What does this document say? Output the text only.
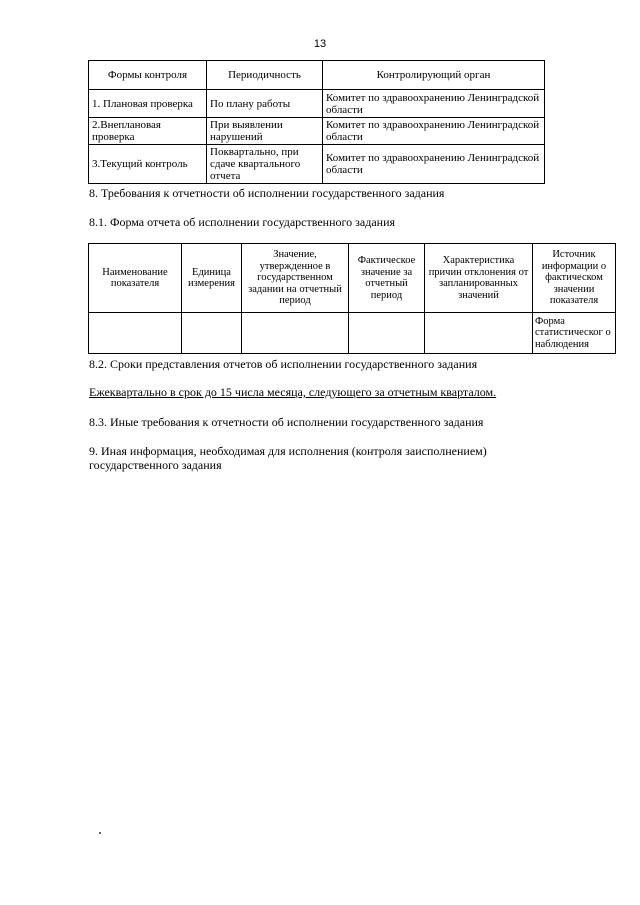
13
Формы контроля	Периодичность	Контролирующий орган
1. Плановая проверка	По плану работы	Комитет по здравоохранению Ленинградской области
2.Внеплановая проверка	При выявлении нарушений	Комитет по здравоохранению Ленинградской области
3.Текущий контроль	Поквартально, при сдаче квартального отчета	Комитет по здравоохранению Ленинградской области
8. Требования к отчетности об исполнении государственного задания
8.1. Форма отчета об исполнении государственного задания
Наименование показателя	Единица измерения	Значение, утвержденное в государственном задании на отчетный период	Фактическое значение за отчетный период	Характеристика причин отклонения от запланированных значений	Источник информации о фактическом значении показателя
					Форма статистическог о наблюдения
8.2. Сроки представления отчетов об исполнении государственного задания
Ежеквартально в срок до 15 числа месяца, следующего за отчетным кварталом.
8.3. Иные требования к отчетности об исполнении государственного задания
9. Иная информация, необходимая для исполнения (контроля заисполнением) государственного задания
